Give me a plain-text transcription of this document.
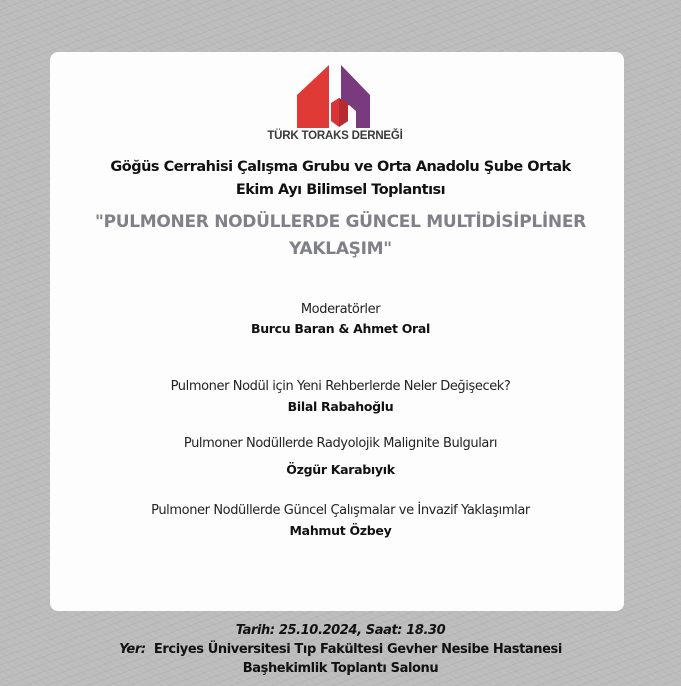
TÜRK TORAKS DERNEĞİ
Göğüs Cerrahisi Çalışma Grubu ve Orta Anadolu Şube Ortak
Ekim Ayı Bilimsel Toplantısı
"PULMONER NODÜLLERDE GÜNCEL MULTİDİSİPLİNER
YAKLAŞIM"
Moderatörler
Burcu Baran & Ahmet Oral
Pulmoner Nodül için Yeni Rehberlerde Neler Değişecek?
Bilal Rabahoğlu
Pulmoner Nodüllerde Radyolojik Malignite Bulguları
Özgür Karabıyık
Pulmoner Nodüllerde Güncel Çalışmalar ve İnvazif Yaklaşımlar
Mahmut Özbey
Tarih: 25.10.2024, Saat: 18.30
Yer: Erciyes Üniversitesi Tıp Fakültesi Gevher Nesibe Hastanesi
Başhekimlik Toplantı Salonu
